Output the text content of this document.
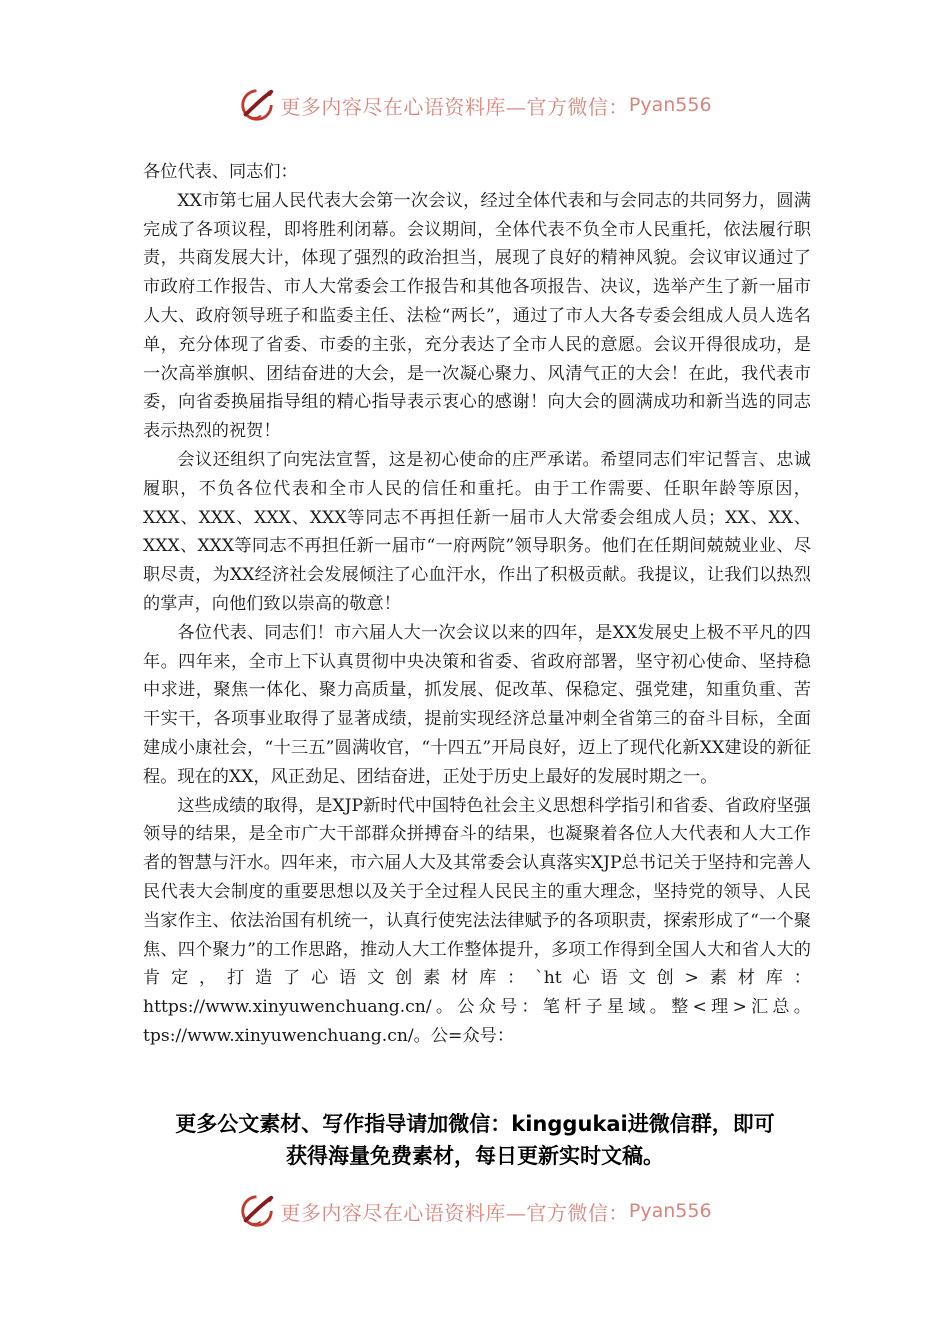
更多内容尽在心语资料库—官方微信： Pyan556

各位代表、同志们：

XX市第七届人民代表大会第一次会议，经过全体代表和与会同志的共同努力，圆满完成了各项议程，即将胜利闭幕。会议期间，全体代表不负全市人民重托，依法履行职责，共商发展大计，体现了强烈的政治担当，展现了良好的精神风貌。会议审议通过了市政府工作报告、市人大常委会工作报告和其他各项报告、决议，选举产生了新一届市人大、政府领导班子和监委主任、法检“两长”，通过了市人大各专委会组成人员人选名单，充分体现了省委、市委的主张，充分表达了全市人民的意愿。会议开得很成功，是一次高举旗帜、团结奋进的大会，是一次凝心聚力、风清气正的大会！在此，我代表市委，向省委换届指导组的精心指导表示衷心的感谢！向大会的圆满成功和新当选的同志表示热烈的祝贺！

会议还组织了向宪法宣誓，这是初心使命的庄严承诺。希望同志们牢记誓言、忠诚履职，不负各位代表和全市人民的信任和重托。由于工作需要、任职年龄等原因，XXX、XXX、XXX、XXX等同志不再担任新一届市人大常委会组成人员；XX、XX、XXX、XXX等同志不再担任新一届市“一府两院”领导职务。他们在任期间兢兢业业、尽职尽责，为XX经济社会发展倾注了心血汗水，作出了积极贡献。我提议，让我们以热烈的掌声，向他们致以崇高的敬意！

各位代表、同志们！市六届人大一次会议以来的四年，是XX发展史上极不平凡的四年。四年来，全市上下认真贯彻中央决策和省委、省政府部署，坚守初心使命、坚持稳中求进，聚焦一体化、聚力高质量，抓发展、促改革、保稳定、强党建，知重负重、苦干实干，各项事业取得了显著成绩，提前实现经济总量冲刺全省第三的奋斗目标，全面建成小康社会，“十三五”圆满收官，“十四五”开局良好，迈上了现代化新XX建设的新征程。现在的XX，风正劲足、团结奋进，正处于历史上最好的发展时期之一。

这些成绩的取得，是XJP新时代中国特色社会主义思想科学指引和省委、省政府坚强领导的结果，是全市广大干部群众拼搏奋斗的结果，也凝聚着各位人大代表和人大工作者的智慧与汗水。四年来，市六届人大及其常委会认真落实XJP总书记关于坚持和完善人民代表大会制度的重要思想以及关于全过程人民民主的重大理念，坚持党的领导、人民当家作主、依法治国有机统一，认真行使宪法法律赋予的各项职责，探索形成了“一个聚焦、四个聚力”的工作思路，推动人大工作整体提升，多项工作得到全国人大和省人大的肯定，打造了心语文创素材库：`ht心语文创>素材库：https://www.xinyuwenchuang.cn/。公众号：笔杆子星域。整<理>汇总。tps://www.xinyuwenchuang.cn/。公=众号：

更多公文素材、写作指导请加微信：kinggukai进微信群，即可
获得海量免费素材，每日更新实时文稿。
更多内容尽在心语资料库—官方微信： Pyan556
